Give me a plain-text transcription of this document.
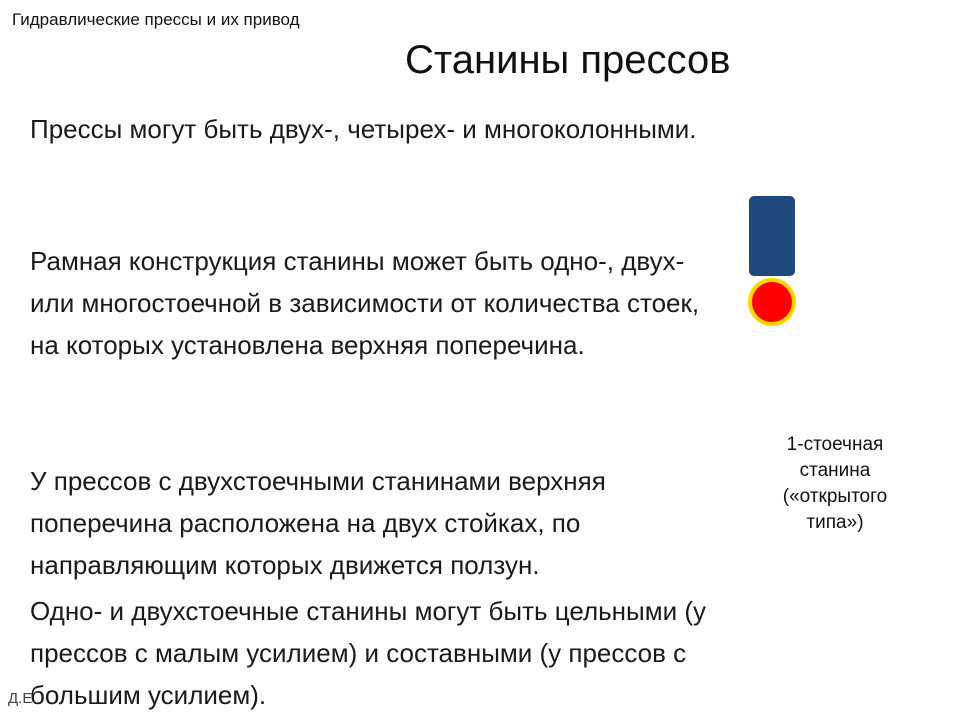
Гидравлические прессы и их привод
Станины прессов

Прессы могут быть двух-, четырех- и многоколонными.

Рамная конструкция станины может быть одно-, двух- или многостоечной в зависимости от количества стоек, на которых установлена верхняя поперечина.

У прессов с двухстоечными станинами верхняя поперечина расположена на двух стойках, по направляющим которых движется ползун.

Одно- и двухстоечные станины могут быть цельными (у прессов с малым усилием) и составными (у прессов с большим усилием).

1-стоечная
станина
(«открытого
типа»)
Д.Е.
